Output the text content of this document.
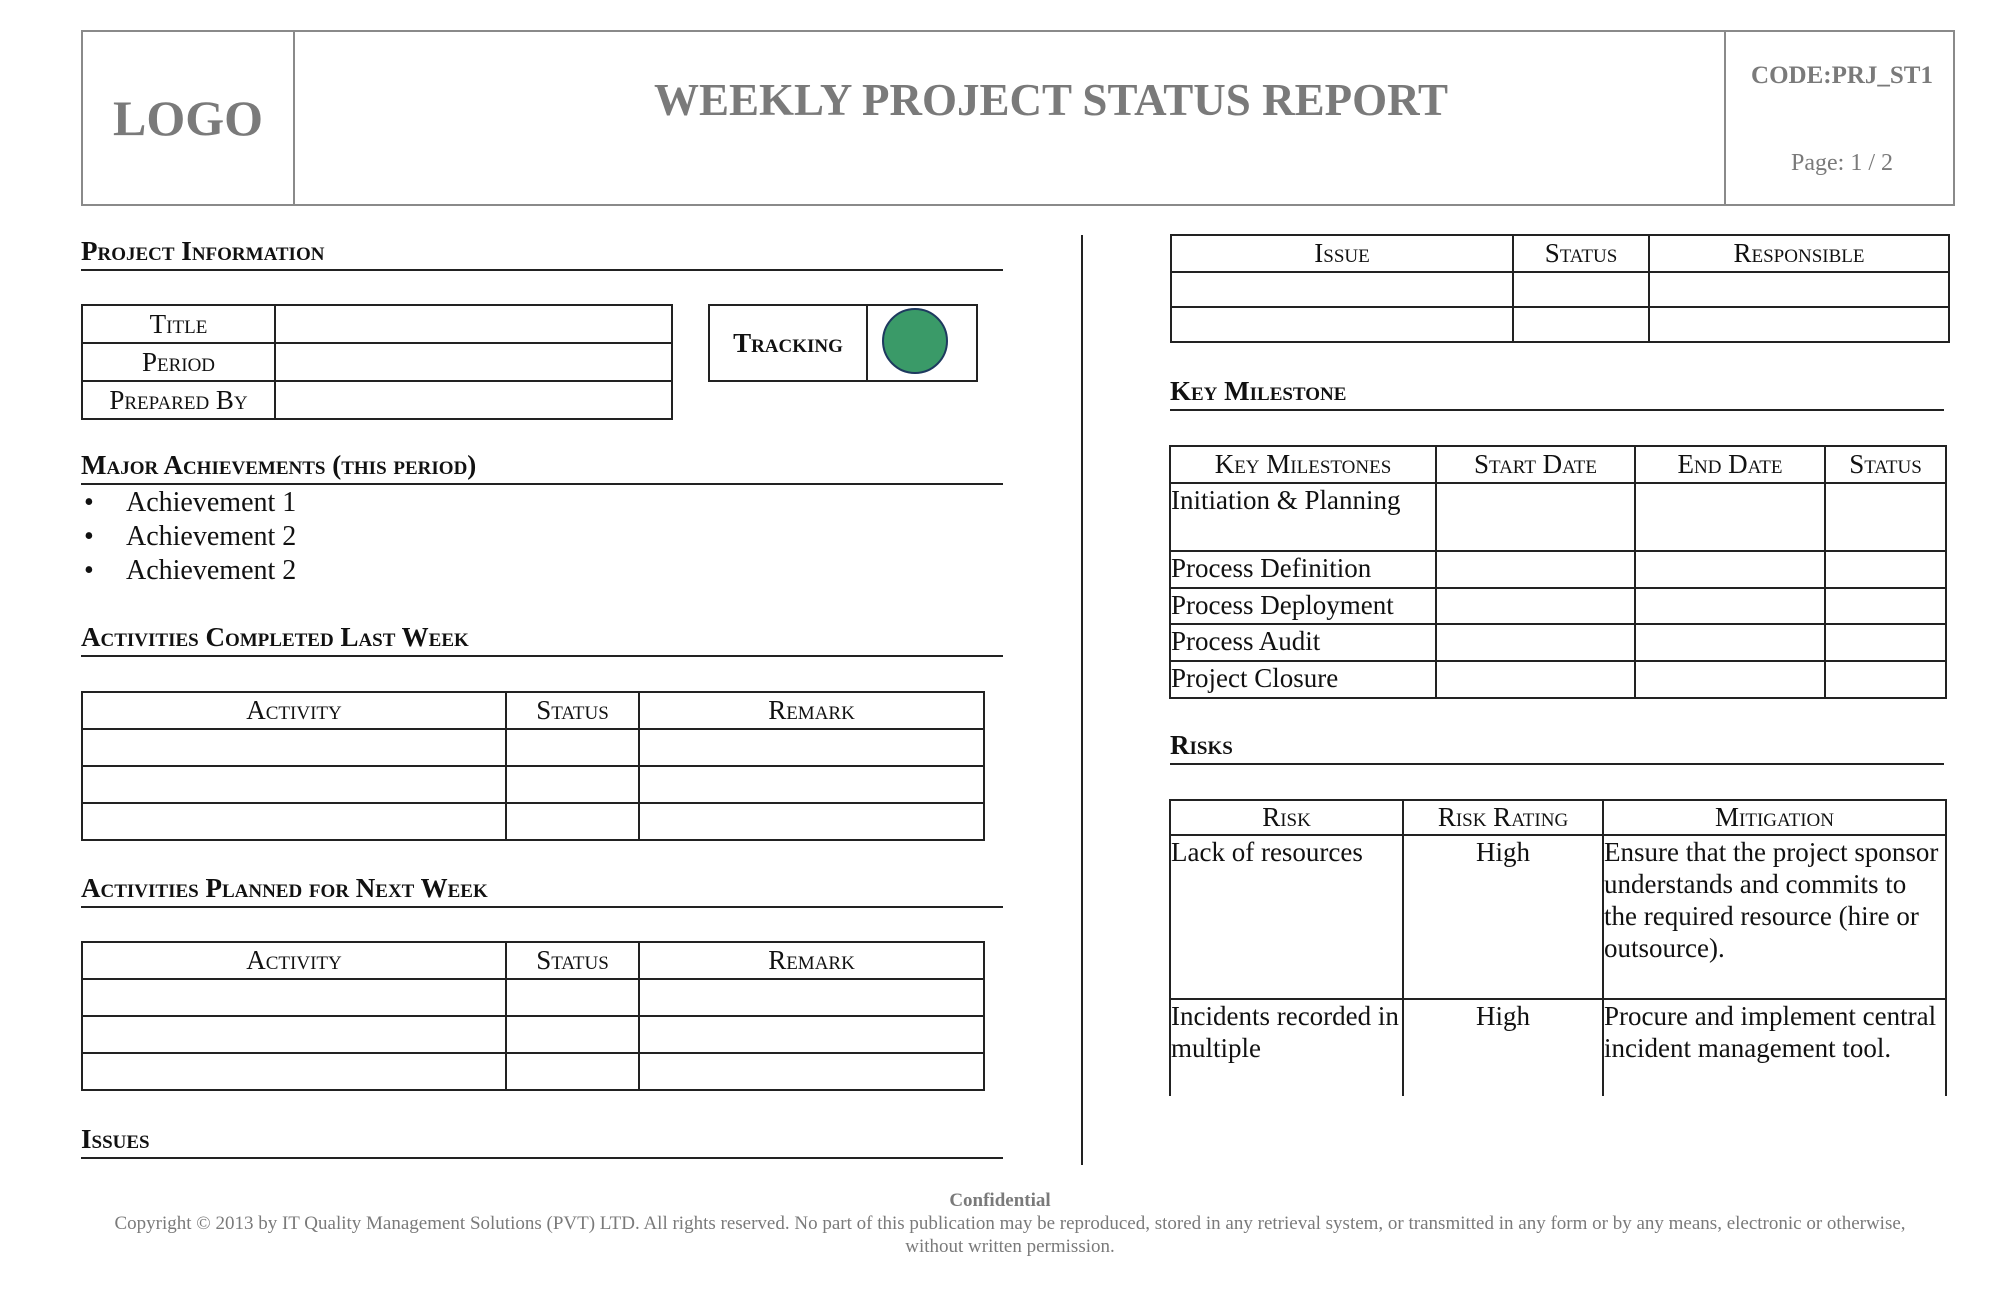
LOGO	WEEKLY PROJECT STATUS REPORT	CODE:PRJ_ST1
Page: 1 / 2
Project Information
Title	
Period	
Prepared By	
Tracking
Major Achievements (this period)
• Achievement 1
• Achievement 2
• Achievement 2
Activities Completed Last Week
Activity	Status	Remark

Activities Planned for Next Week
Activity	Status	Remark

Issues
Issue	Status	Responsible

Key Milestone
Key Milestones	Start Date	End Date	Status
Initiation & Planning			
Process Definition			
Process Deployment			
Process Audit			
Project Closure			
Risks
Risk	Risk Rating	Mitigation
Lack of resources	High	Ensure that the project sponsor understands and commits to the required resource (hire or outsource).
Incidents recorded in multiple	High	Procure and implement central incident management tool.
Confidential
Copyright © 2013 by IT Quality Management Solutions (PVT) LTD. All rights reserved. No part of this publication may be reproduced, stored in any retrieval system, or transmitted in any form or by any means, electronic or otherwise, without written permission.
